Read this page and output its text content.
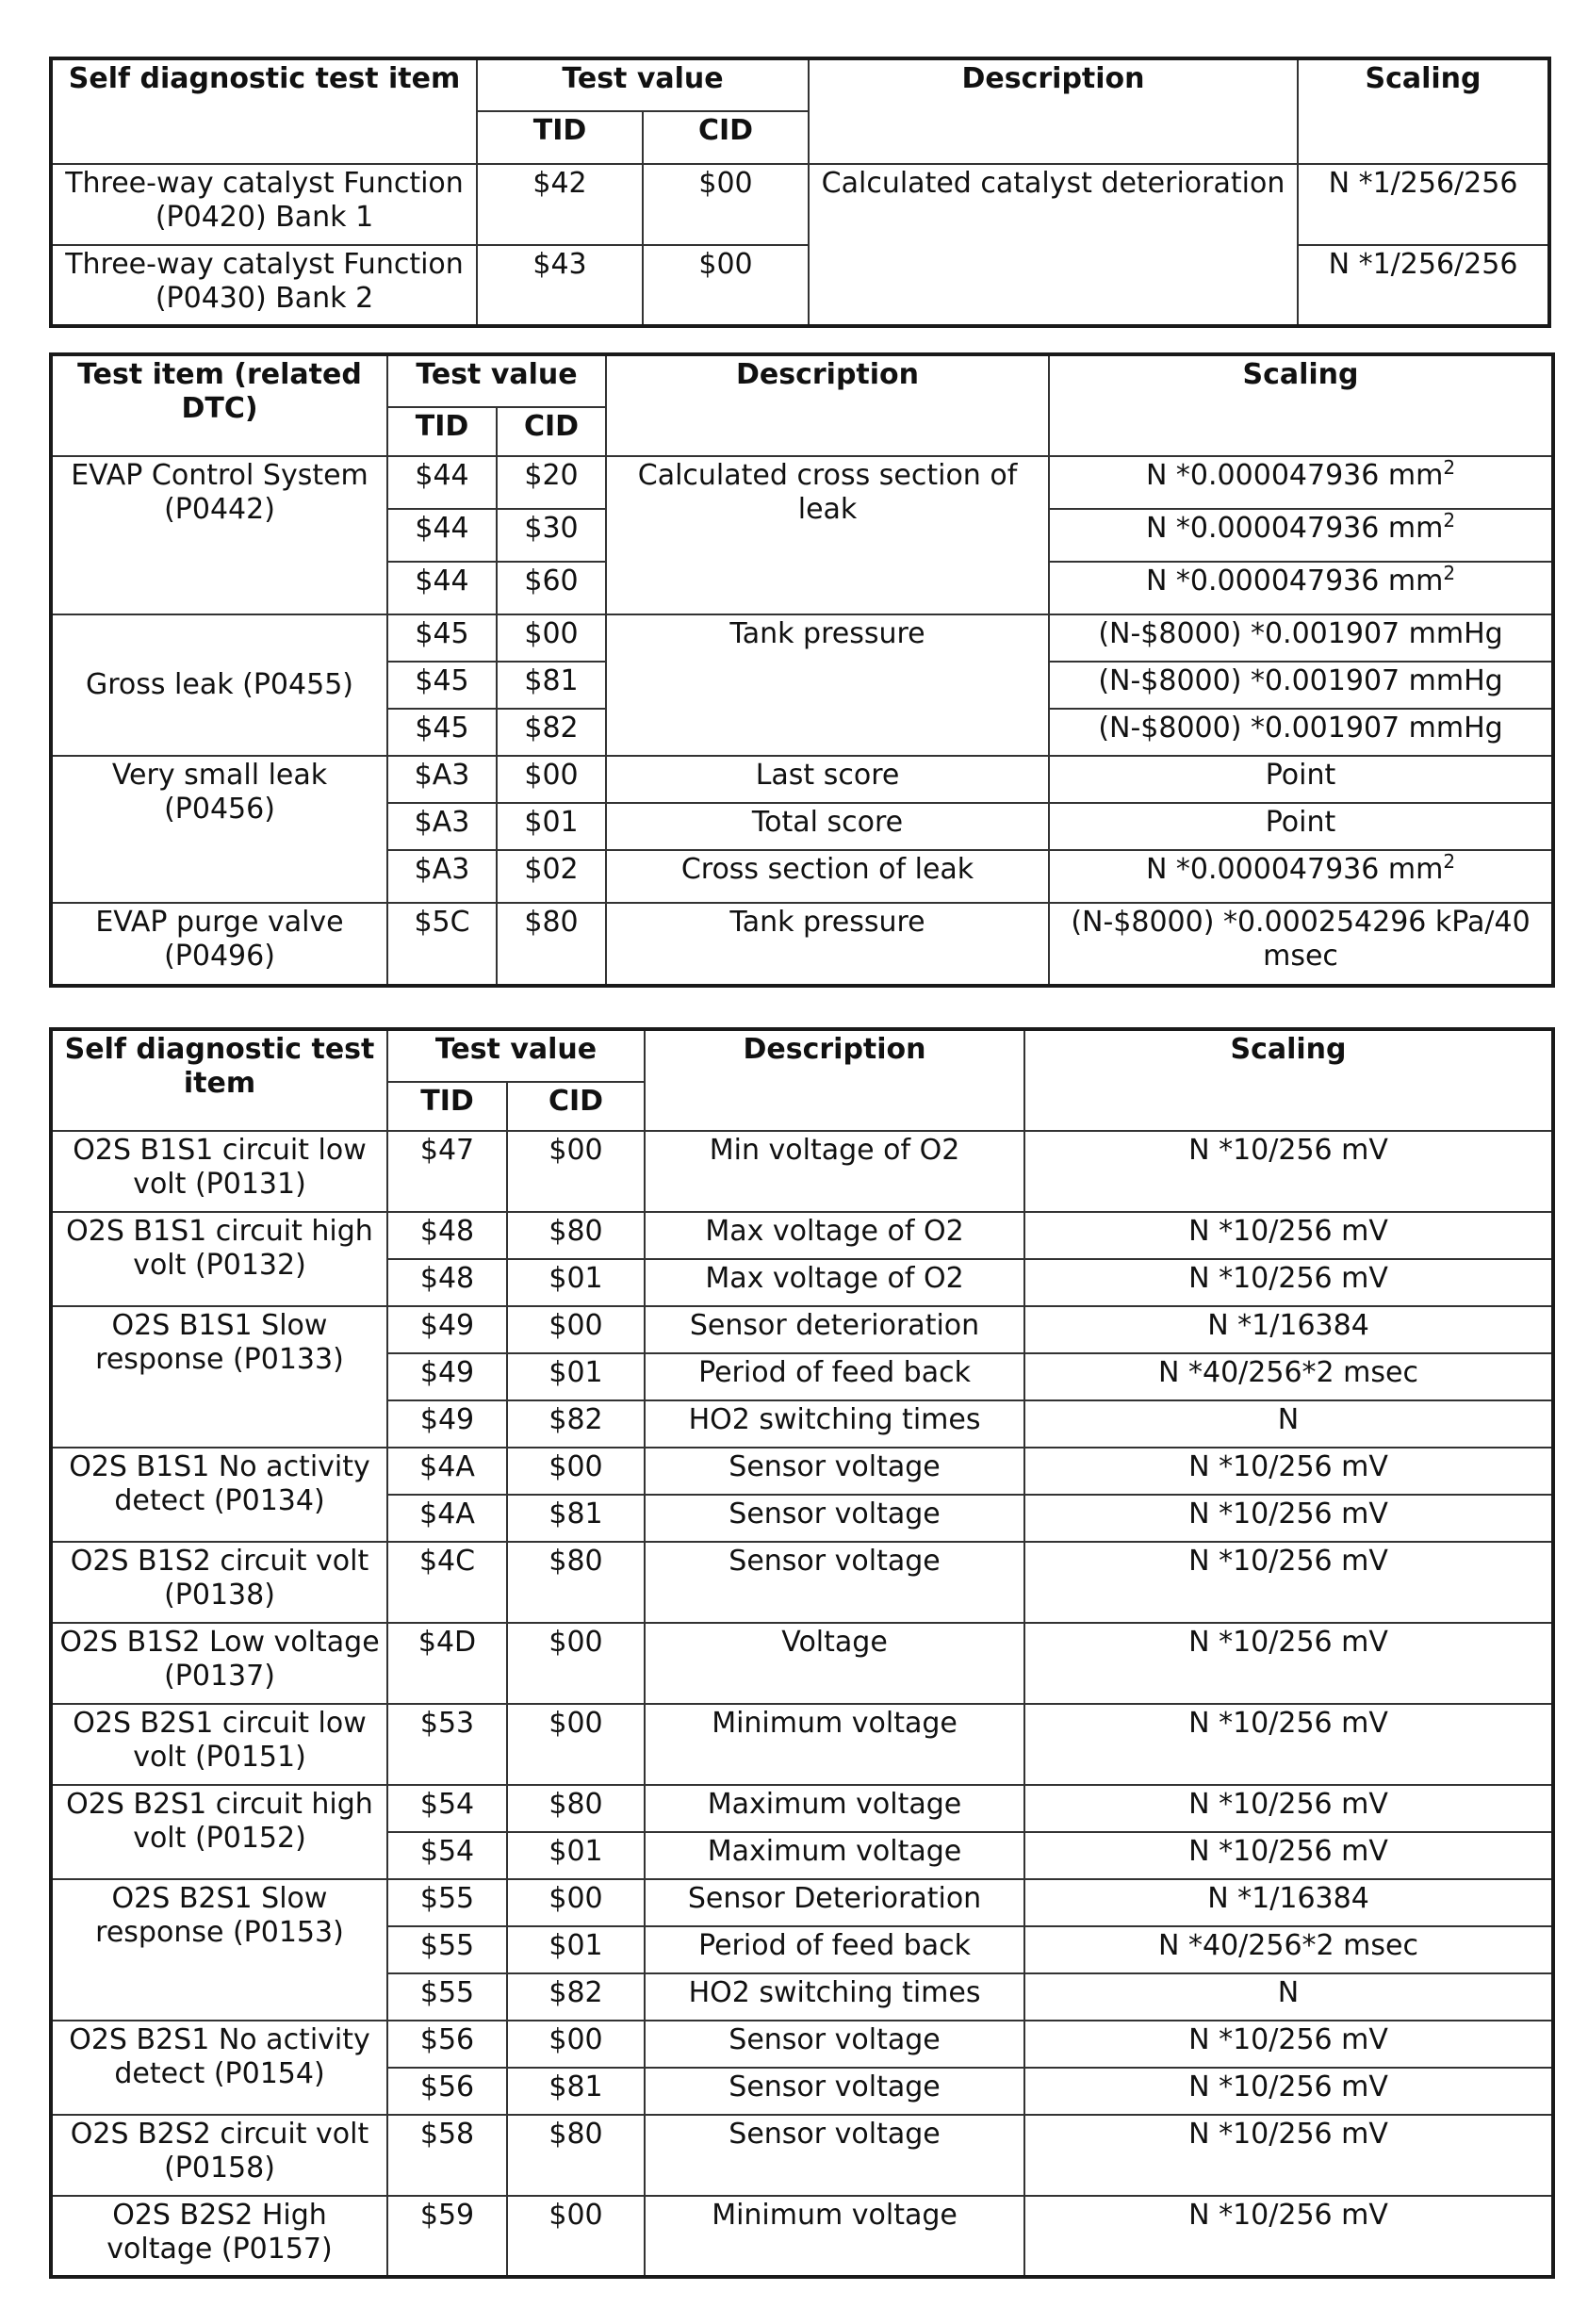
Self diagnostic test item	Test value		Description	Scaling
	TID	CID		
Three-way catalyst Function (P0420) Bank 1	$42	$00	Calculated catalyst deterioration	N *1/256/256
Three-way catalyst Function (P0430) Bank 2	$43	$00		N *1/256/256
Test item (related DTC)	Test value		Description	Scaling
	TID	CID		
EVAP Control System (P0442)	$44	$20	Calculated cross section of leak	N *0.000047936 $mm^2$
	$44	$30		N *0.000047936 $mm^2$
	$44	$60		N *0.000047936 $mm^2$
Gross leak (P0455)	$45	$00	Tank pressure	(N-$8000) *0.001907 mmHg
	$45	$81		(N-$8000) *0.001907 mmHg
	$45	$82		(N-$8000) *0.001907 mmHg
Very small leak (P0456)	$A3	$00	Last score	Point
	$A3	$01	Total score	Point
	$A3	$02	Cross section of leak	N *0.000047936 $mm^2$
EVAP purge valve (P0496)	$5C	$80	Tank pressure	(N-$8000) *0.000254296 kPa/40 msec
Self diagnostic test item	Test value		Description	Scaling
	TID	CID		
O2S B1S1 circuit low volt (P0131)	$47	$00	Min voltage of O2	N *10/256 mV
O2S B1S1 circuit high volt (P0132)	$48	$80	Max voltage of O2	N *10/256 mV
	$48	$01	Max voltage of O2	N *10/256 mV
O2S B1S1 Slow response (P0133)	$49	$00	Sensor deterioration	N *1/16384
	$49	$01	Period of feed back	N *40/256*2 msec
	$49	$82	HO2 switching times	N
O2S B1S1 No activity detect (P0134)	$4A	$00	Sensor voltage	N *10/256 mV
	$4A	$81	Sensor voltage	N *10/256 mV
O2S B1S2 circuit volt (P0138)	$4C	$80	Sensor voltage	N *10/256 mV
O2S B1S2 Low voltage (P0137)	$4D	$00	Voltage	N *10/256 mV
O2S B2S1 circuit low volt (P0151)	$53	$00	Minimum voltage	N *10/256 mV
O2S B2S1 circuit high volt (P0152)	$54	$80	Maximum voltage	N *10/256 mV
	$54	$01	Maximum voltage	N *10/256 mV
O2S B2S1 Slow response (P0153)	$55	$00	Sensor Deterioration	N *1/16384
	$55	$01	Period of feed back	N *40/256*2 msec
	$55	$82	HO2 switching times	N
O2S B2S1 No activity detect (P0154)	$56	$00	Sensor voltage	N *10/256 mV
	$56	$81	Sensor voltage	N *10/256 mV
O2S B2S2 circuit volt (P0158)	$58	$80	Sensor voltage	N *10/256 mV
O2S B2S2 High voltage (P0157)	$59	$00	Minimum voltage	N *10/256 mV
